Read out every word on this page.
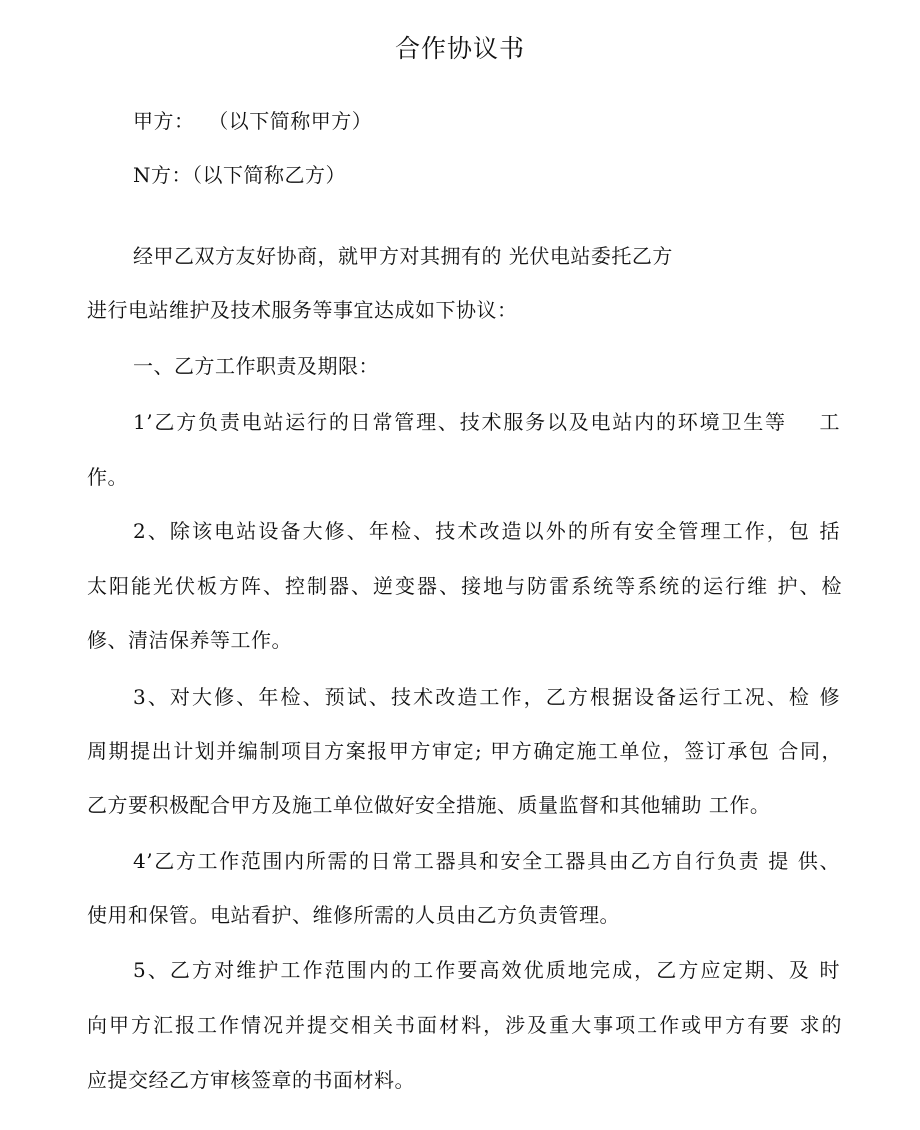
合作协议书
甲方：  （以下简称甲方）
N方：（以下简称乙方）
经甲乙双方友好协商，就甲方对其拥有的 光伏电站委托乙方
进行电站维护及技术服务等事宜达成如下协议：
一、乙方工作职责及期限：
1’乙方负责电站运行的日常管理、技术服务以及电站内的环境卫生等    工
作。
2、除该电站设备大修、年检、技术改造以外的所有安全管理工作，包 括
太阳能光伏板方阵、控制器、逆变器、接地与防雷系统等系统的运行维 护、检
修、清洁保养等工作。
3、对大修、年检、预试、技术改造工作，乙方根据设备运行工况、检 修
周期提出计划并编制项目方案报甲方审定; 甲方确定施工单位，签订承包 合同，
乙方要积极配合甲方及施工单位做好安全措施、质量监督和其他辅助 工作。
4’乙方工作范围内所需的日常工器具和安全工器具由乙方自行负责 提 供、
使用和保管。电站看护、维修所需的人员由乙方负责管理。
5、乙方对维护工作范围内的工作要高效优质地完成，乙方应定期、及 时
向甲方汇报工作情况并提交相关书面材料，涉及重大事项工作或甲方有要 求的
应提交经乙方审核签章的书面材料。
